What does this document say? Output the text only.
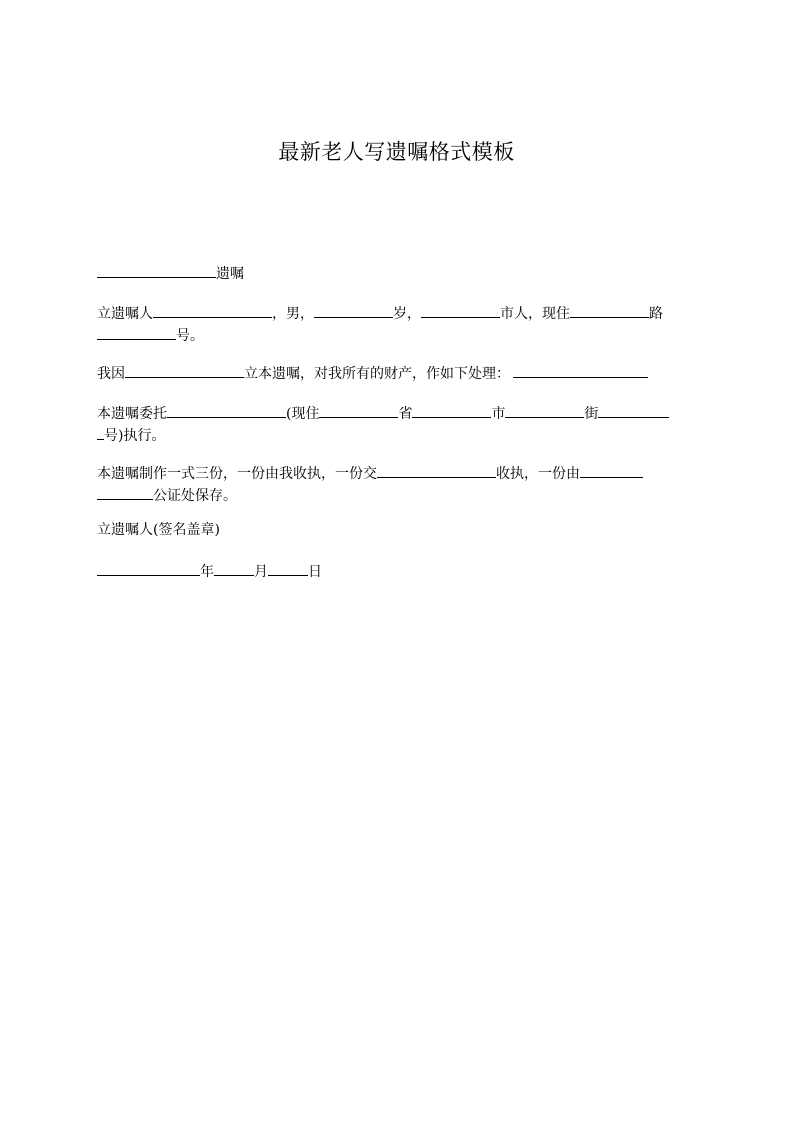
最新老人写遗嘱格式模板
遗嘱
立遗嘱人	，男，	岁，	市人，现住	路
号。
我因	立本遗嘱，对我所有的财产，作如下处理：
本遗嘱委托	(现住	省	市	街
号)执行。
本遗嘱制作一式三份，一份由我收执，一份交	收执，一份由
公证处保存。
立遗嘱人(签名盖章)
年	月	日
